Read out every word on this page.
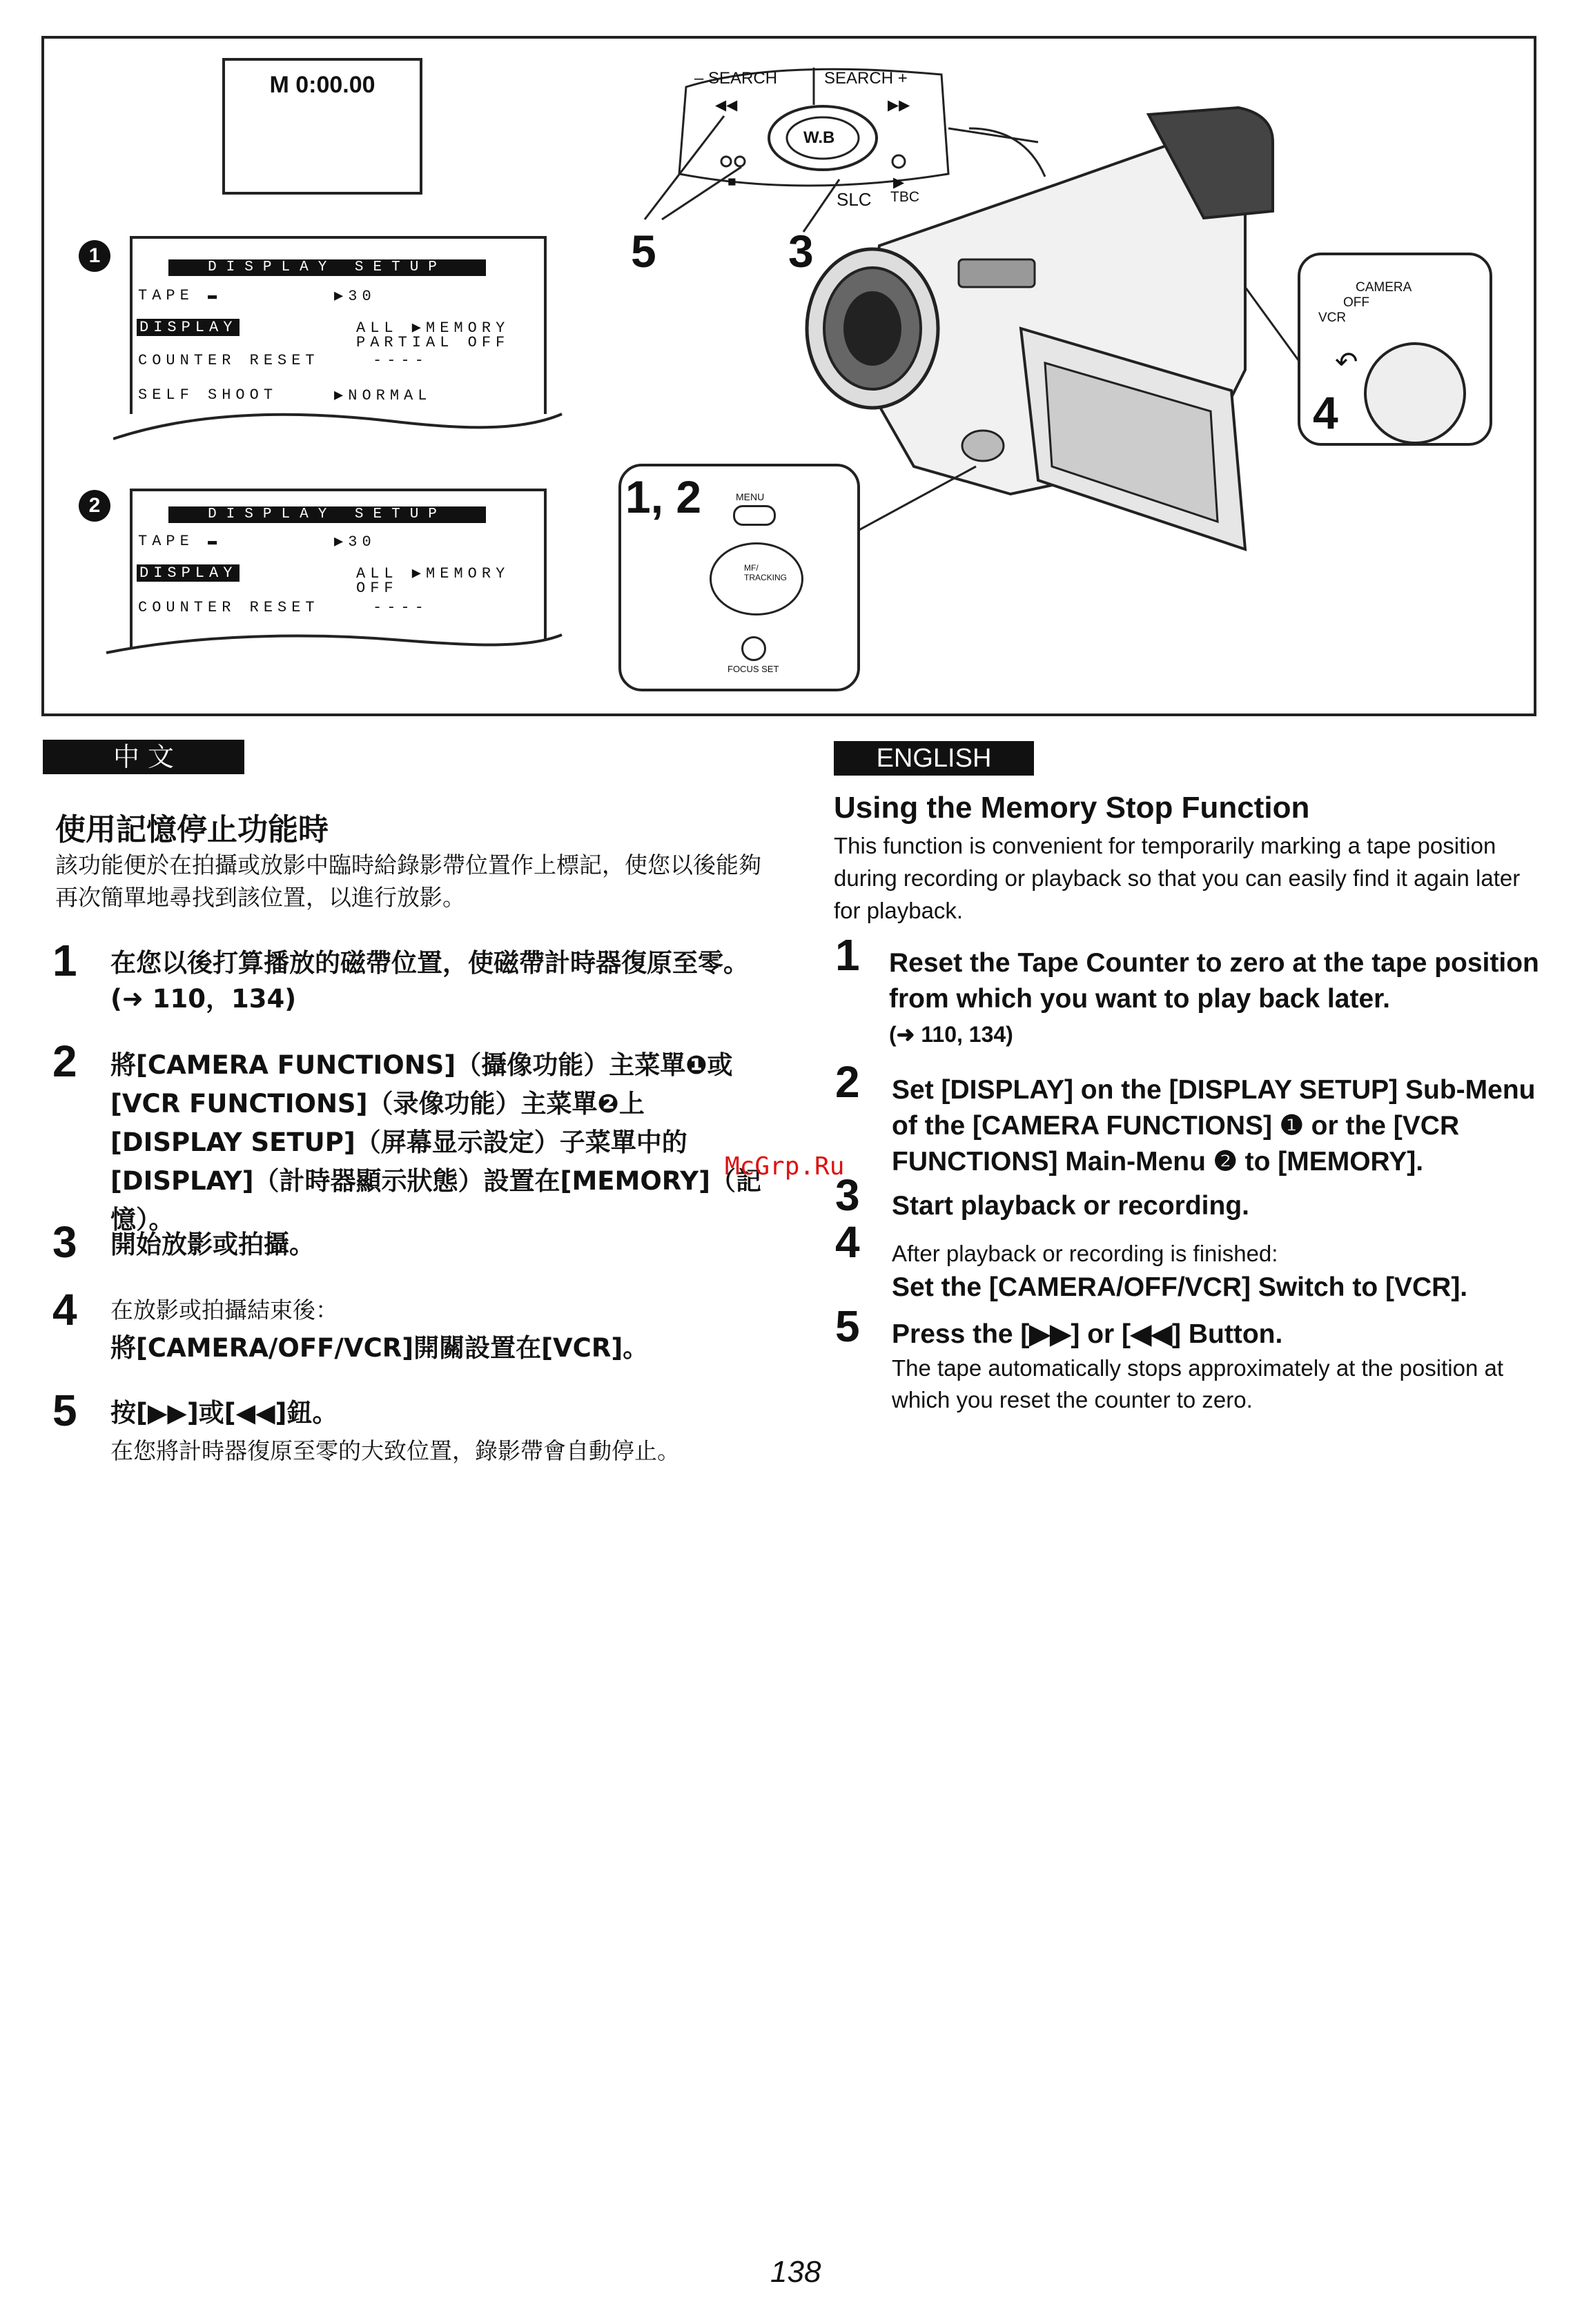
M 0:00.00
1
DISPLAY SETUP
TAPE ▬	▶30
DISPLAY	ALL ▶MEMORY
PARTIAL OFF
COUNTER RESET	----
SELF SHOOT	▶NORMAL
2	DISPLAY SETUP
TAPE ▬	▶30
DISPLAY	ALL ▶MEMORY
OFF
COUNTER RESET	----
– SEARCH	SEARCH +
◀◀	▶▶
W.B
■	▶
SLC TBC
5	3
1, 2	MENU
MF/ TRACKING
FOCUS SET
CAMERA
OFF
VCR
↶
4
中 文
使用記憶停止功能時
該功能便於在拍攝或放影中臨時給錄影帶位置作上標記，使您以後能夠再次簡單地尋找到該位置，以進行放影。
1 在您以後打算播放的磁帶位置，使磁帶計時器復原至零。(➜ 110，134)
2 將[CAMERA FUNCTIONS]（攝像功能）主菜單❶或[VCR FUNCTIONS]（录像功能）主菜單❷上[DISPLAY SETUP]（屏幕显示設定）子菜單中的[DISPLAY]（計時器顯示狀態）設置在[MEMORY]（記憶）。
3 開始放影或拍攝。
4 在放影或拍攝結束後：
將[CAMERA/OFF/VCR]開關設置在[VCR]。
5 按[▶▶]或[◀◀]鈕。
在您將計時器復原至零的大致位置，錄影帶會自動停止。
ENGLISH
Using the Memory Stop Function
This function is convenient for temporarily marking a tape position during recording or playback so that you can easily find it again later for playback.
1 Reset the Tape Counter to zero at the tape position from which you want to play back later.
(➜ 110, 134)
2 Set [DISPLAY] on the [DISPLAY SETUP] Sub-Menu of the [CAMERA FUNCTIONS] ❶ or the [VCR FUNCTIONS] Main-Menu ❷ to [MEMORY].
3 Start playback or recording.
4 After playback or recording is finished:
Set the [CAMERA/OFF/VCR] Switch to [VCR].
5 Press the [▶▶] or [◀◀] Button.
The tape automatically stops approximately at the position at which you reset the counter to zero.
McGrp.Ru
138
